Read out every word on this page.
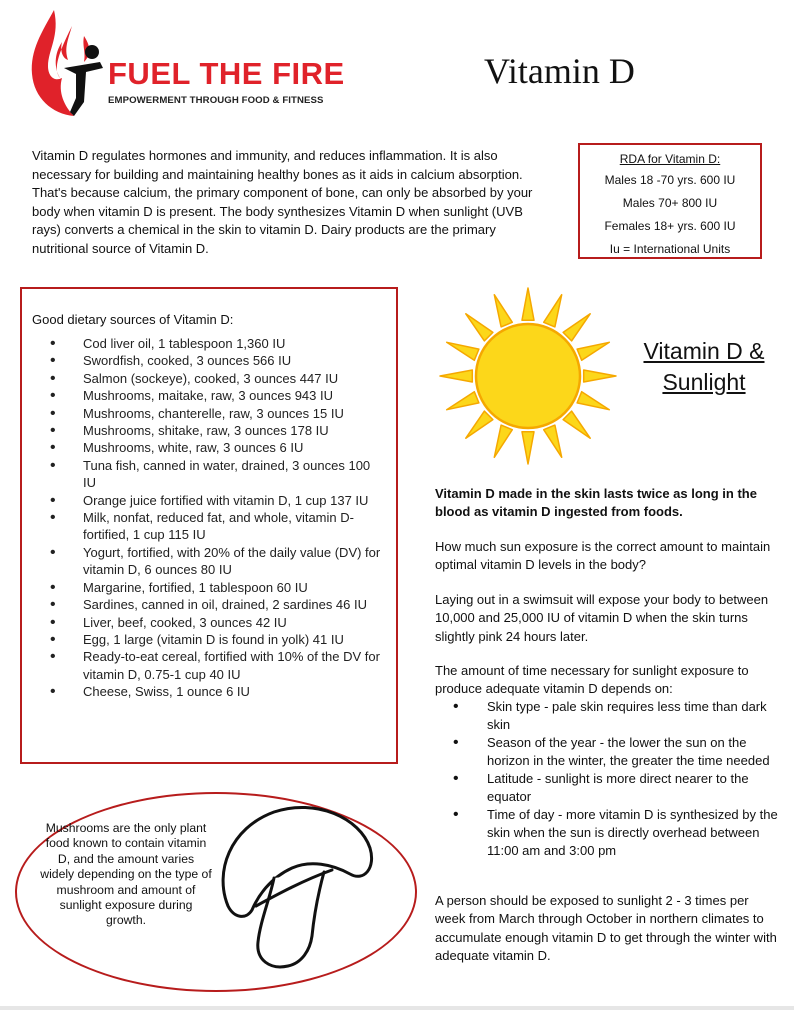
FUEL THE FIRE
EMPOWERMENT THROUGH FOOD & FITNESS
Vitamin D

Vitamin D regulates hormones and immunity, and reduces inflammation. It is also necessary for building and maintaining healthy bones as it aids in calcium absorption. That's because calcium, the primary component of bone, can only be absorbed by your body when vitamin D is present. The body synthesizes Vitamin D when sunlight (UVB rays) converts a chemical in the skin to vitamin D. Dairy products are the primary nutritional source of Vitamin D.

RDA for Vitamin D:
Males 18 -70 yrs. 600 IU
Males 70+ 800 IU
Females 18+ yrs. 600 IU
Iu = International Units
Good dietary sources of Vitamin D:
• Cod liver oil, 1 tablespoon 1,360 IU
• Swordfish, cooked, 3 ounces 566 IU
• Salmon (sockeye), cooked, 3 ounces 447 IU
• Mushrooms, maitake, raw, 3 ounces 943 IU
• Mushrooms, chanterelle, raw, 3 ounces 15 IU
• Mushrooms, shitake, raw, 3 ounces 178 IU
• Mushrooms, white, raw, 3 ounces 6 IU
• Tuna fish, canned in water, drained, 3 ounces 100 IU
• Orange juice fortified with vitamin D, 1 cup 137 IU
• Milk, nonfat, reduced fat, and whole, vitamin D-fortified, 1 cup 115 IU
• Yogurt, fortified, with 20% of the daily value (DV) for vitamin D, 6 ounces 80 IU
• Margarine, fortified, 1 tablespoon 60 IU
• Sardines, canned in oil, drained, 2 sardines 46 IU
• Liver, beef, cooked, 3 ounces 42 IU
• Egg, 1 large (vitamin D is found in yolk) 41 IU
• Ready-to-eat cereal, fortified with 10% of the DV for vitamin D, 0.75-1 cup 40 IU
• Cheese, Swiss, 1 ounce 6 IU
Vitamin D &
Sunlight

Vitamin D made in the skin lasts twice as long in the blood as vitamin D ingested from foods.

How much sun exposure is the correct amount to maintain optimal vitamin D levels in the body?

Laying out in a swimsuit will expose your body to between 10,000 and 25,000 IU of vitamin D when the skin turns slightly pink 24 hours later.

The amount of time necessary for sunlight exposure to produce adequate vitamin D depends on:

• Skin type - pale skin requires less time than dark skin
• Season of the year - the lower the sun on the horizon in the winter, the greater the time needed
• Latitude - sunlight is more direct nearer to the equator
• Time of day - more vitamin D is synthesized by the skin when the sun is directly overhead between 11:00 am and 3:00 pm

A person should be exposed to sunlight 2 - 3 times per week from March through October in northern climates to accumulate enough vitamin D to get through the winter with adequate vitamin D.

Mushrooms are the only plant food known to contain vitamin D, and the amount varies widely depending on the type of mushroom and amount of sunlight exposure during growth.
